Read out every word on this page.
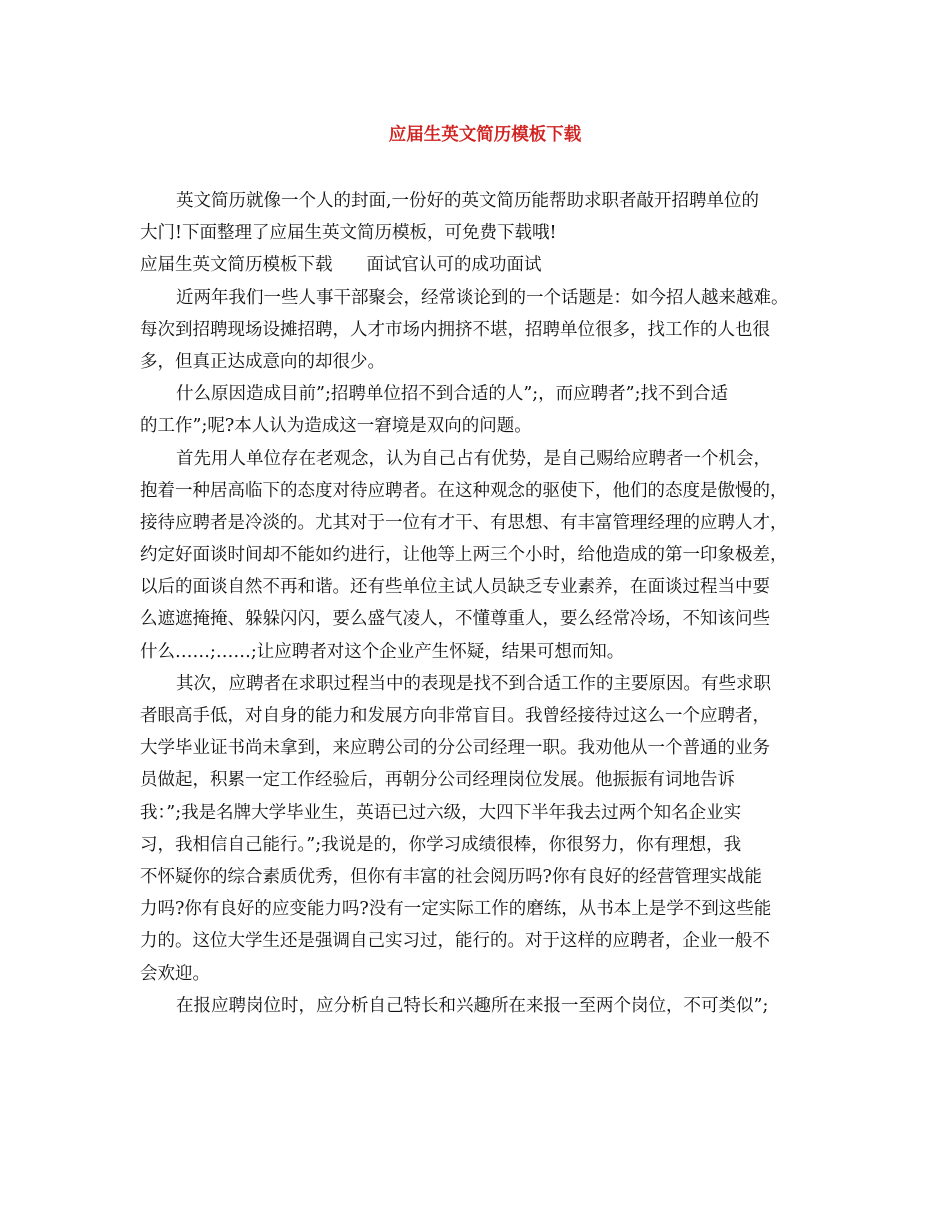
应届生英文简历模板下载
英文简历就像一个人的封面,一份好的英文简历能帮助求职者敲开招聘单位的
大门!下面整理了应届生英文简历模板，可免费下载哦!
应届生英文简历模板下载 面试官认可的成功面试
近两年我们一些人事干部聚会，经常谈论到的一个话题是：如今招人越来越难。
每次到招聘现场设摊招聘，人才市场内拥挤不堪，招聘单位很多，找工作的人也很
多，但真正达成意向的却很少。
什么原因造成目前”;招聘单位招不到合适的人”;，而应聘者”;找不到合适
的工作”;呢?本人认为造成这一窘境是双向的问题。
首先用人单位存在老观念，认为自己占有优势，是自己赐给应聘者一个机会，
抱着一种居高临下的态度对待应聘者。在这种观念的驱使下，他们的态度是傲慢的，
接待应聘者是冷淡的。尤其对于一位有才干、有思想、有丰富管理经理的应聘人才，
约定好面谈时间却不能如约进行，让他等上两三个小时，给他造成的第一印象极差，
以后的面谈自然不再和谐。还有些单位主试人员缺乏专业素养，在面谈过程当中要
么遮遮掩掩、躲躲闪闪，要么盛气凌人，不懂尊重人，要么经常冷场，不知该问些
什么……;……;让应聘者对这个企业产生怀疑，结果可想而知。
其次，应聘者在求职过程当中的表现是找不到合适工作的主要原因。有些求职
者眼高手低，对自身的能力和发展方向非常盲目。我曾经接待过这么一个应聘者，
大学毕业证书尚未拿到，来应聘公司的分公司经理一职。我劝他从一个普通的业务
员做起，积累一定工作经验后，再朝分公司经理岗位发展。他振振有词地告诉
我：”;我是名牌大学毕业生，英语已过六级，大四下半年我去过两个知名企业实
习，我相信自己能行。”;我说是的，你学习成绩很棒，你很努力，你有理想，我
不怀疑你的综合素质优秀，但你有丰富的社会阅历吗?你有良好的经营管理实战能
力吗?你有良好的应变能力吗?没有一定实际工作的磨练，从书本上是学不到这些能
力的。这位大学生还是强调自己实习过，能行的。对于这样的应聘者，企业一般不
会欢迎。
在报应聘岗位时，应分析自己特长和兴趣所在来报一至两个岗位，不可类似”;
